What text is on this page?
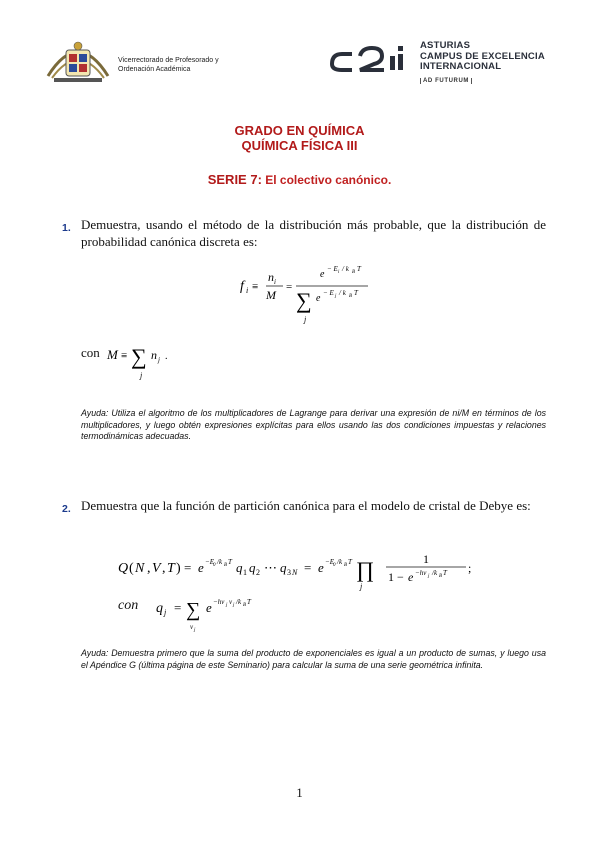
Vicerrectorado de Profesorado y
Ordenación Académica
ASTURIAS
CAMPUS DE EXCELENCIA
INTERNACIONAL
AD FUTURUM
GRADO EN QUÍMICA
QUÍMICA FÍSICA III
SERIE 7: El colectivo canónico.
1. Demuestra, usando el método de la distribución más probable, que la distribución de probabilidad canónica discreta es:
f i ≡
n i
M
=
e − E i / k B T
∑ e − E j / k B T
j
con M ≡ ∑ n j .
j
Ayuda: Utiliza el algoritmo de los multiplicadores de Lagrange para derivar una expresión de ni/M en términos de los multiplicadores, y luego obtén expresiones explícitas para ellos usando las dos condiciones impuestas y relaciones termodinámicas adecuadas.
2. Demuestra que la función de partición canónica para el modelo de cristal de Debye es:
Q ( N , V , T ) = e −E 0 /k B T q 1 q 2 ⋯ q 3 N = e −E 0 /k B T ∏
j
1
1 − e −hν j /k B T ;
con q j = ∑
v j
e −hν j v j /k B T
Ayuda: Demuestra primero que la suma del producto de exponenciales es igual a un producto de sumas, y luego usa el Apéndice G (última página de este Seminario) para calcular la suma de una serie geométrica infinita.
1
